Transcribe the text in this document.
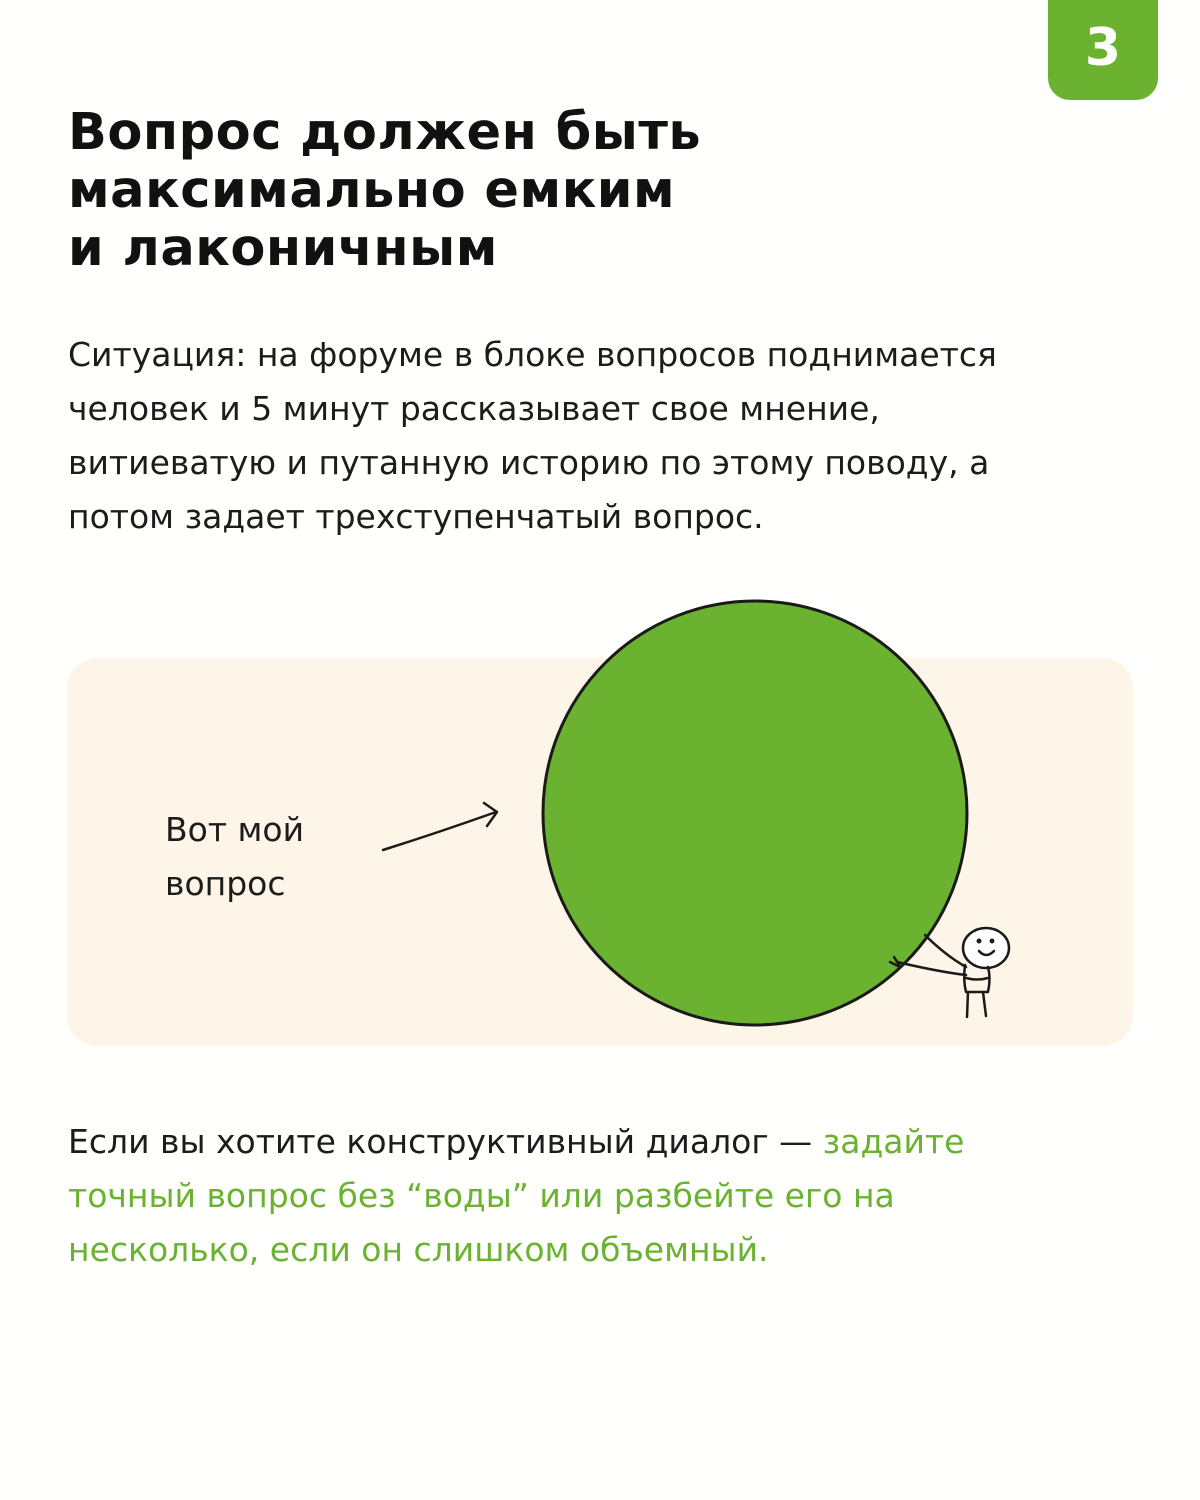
3
Вопрос должен быть
максимально емким
и лаконичным

Ситуация: на форуме в блоке вопросов поднимается
человек и 5 минут рассказывает свое мнение,
витиеватую и путанную историю по этому поводу, а
потом задает трехступенчатый вопрос.

Вот мой
вопрос

Если вы хотите конструктивный диалог — задайте
точный вопрос без “воды” или разбейте его на
несколько, если он слишком объемный.
